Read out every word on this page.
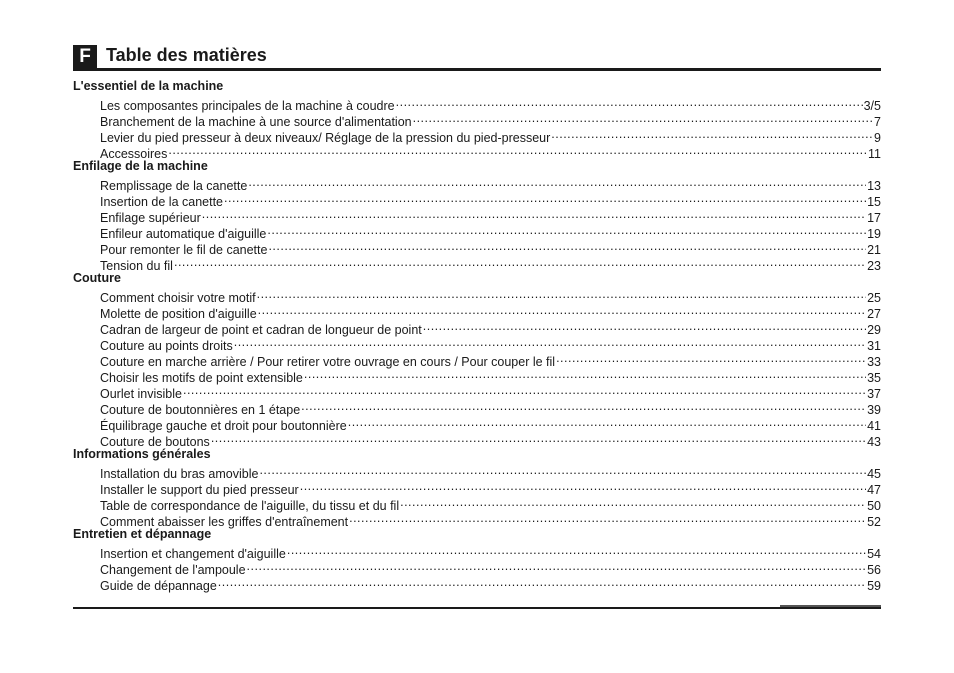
F Table des matières
L'essentiel de la machine
Les composantes principales de la machine à coudre .....	3/5
Branchement de la machine à une source d'alimentation .....	7
Levier du pied presseur à deux niveaux/ Réglage de la pression du pied-presseur .....	9
Accessoires .....	11
Enfilage de la machine
Remplissage de la canette .....	13
Insertion de la canette .....	15
Enfilage supérieur .....	17
Enfileur automatique d'aiguille .....	19
Pour remonter le fil de canette .....	21
Tension du fil .....	23
Couture
Comment choisir votre motif .....	25
Molette de position d'aiguille .....	27
Cadran de largeur de point et cadran de longueur de point .....	29
Couture au points droits .....	31
Couture en marche arrière / Pour retirer votre ouvrage en cours / Pour couper le fil .....	33
Choisir les motifs de point extensible .....	35
Ourlet invisible .....	37
Couture de boutonnières en 1 étape .....	39
Équilibrage gauche et droit pour boutonnière .....	41
Couture de boutons .....	43
Informations générales
Installation du bras amovible .....	45
Installer le support du pied presseur .....	47
Table de correspondance de l'aiguille, du tissu et du fil .....	50
Comment abaisser les griffes d'entraînement .....	52
Entretien et dépannage
Insertion et changement d'aiguille .....	54
Changement de l'ampoule .....	56
Guide de dépannage .....	59
